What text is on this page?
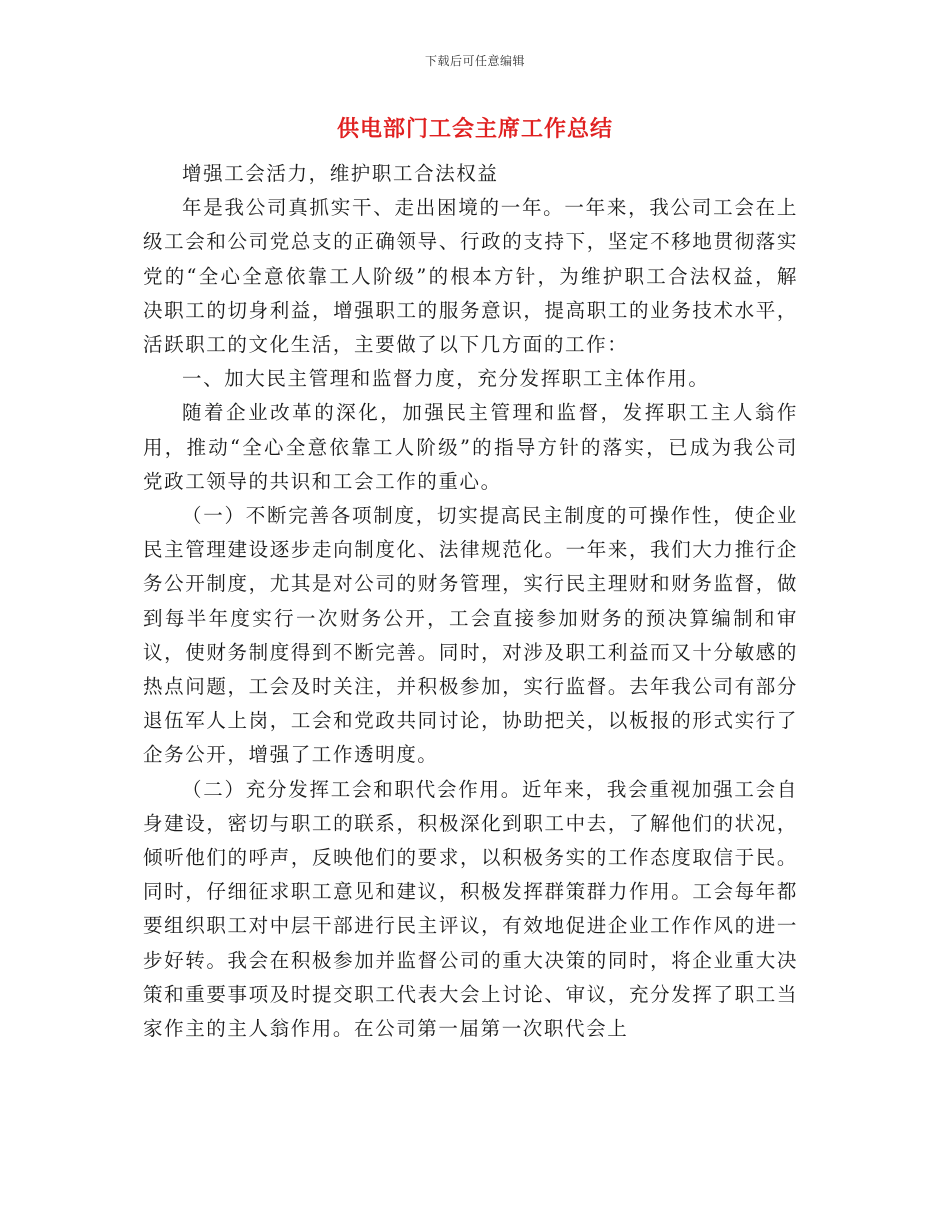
下载后可任意编辑
供电部门工会主席工作总结

增强工会活力，维护职工合法权益

年是我公司真抓实干、走出困境的一年。一年来，我公司工会在上级工会和公司党总支的正确领导、行政的支持下，坚定不移地贯彻落实党的“全心全意依靠工人阶级”的根本方针，为维护职工合法权益，解决职工的切身利益，增强职工的服务意识，提高职工的业务技术水平，活跃职工的文化生活，主要做了以下几方面的工作：

一、加大民主管理和监督力度，充分发挥职工主体作用。

随着企业改革的深化，加强民主管理和监督，发挥职工主人翁作用，推动“全心全意依靠工人阶级”的指导方针的落实，已成为我公司党政工领导的共识和工会工作的重心。

（一）不断完善各项制度，切实提高民主制度的可操作性，使企业民主管理建设逐步走向制度化、法律规范化。一年来，我们大力推行企务公开制度，尤其是对公司的财务管理，实行民主理财和财务监督，做到每半年度实行一次财务公开，工会直接参加财务的预决算编制和审议，使财务制度得到不断完善。同时，对涉及职工利益而又十分敏感的热点问题，工会及时关注，并积极参加，实行监督。去年我公司有部分退伍军人上岗，工会和党政共同讨论，协助把关，以板报的形式实行了企务公开，增强了工作透明度。

（二）充分发挥工会和职代会作用。近年来，我会重视加强工会自身建设，密切与职工的联系，积极深化到职工中去，了解他们的状况，倾听他们的呼声，反映他们的要求，以积极务实的工作态度取信于民。同时，仔细征求职工意见和建议，积极发挥群策群力作用。工会每年都要组织职工对中层干部进行民主评议，有效地促进企业工作作风的进一步好转。我会在积极参加并监督公司的重大决策的同时，将企业重大决策和重要事项及时提交职工代表大会上讨论、审议，充分发挥了职工当家作主的主人翁作用。在公司第一届第一次职代会上
